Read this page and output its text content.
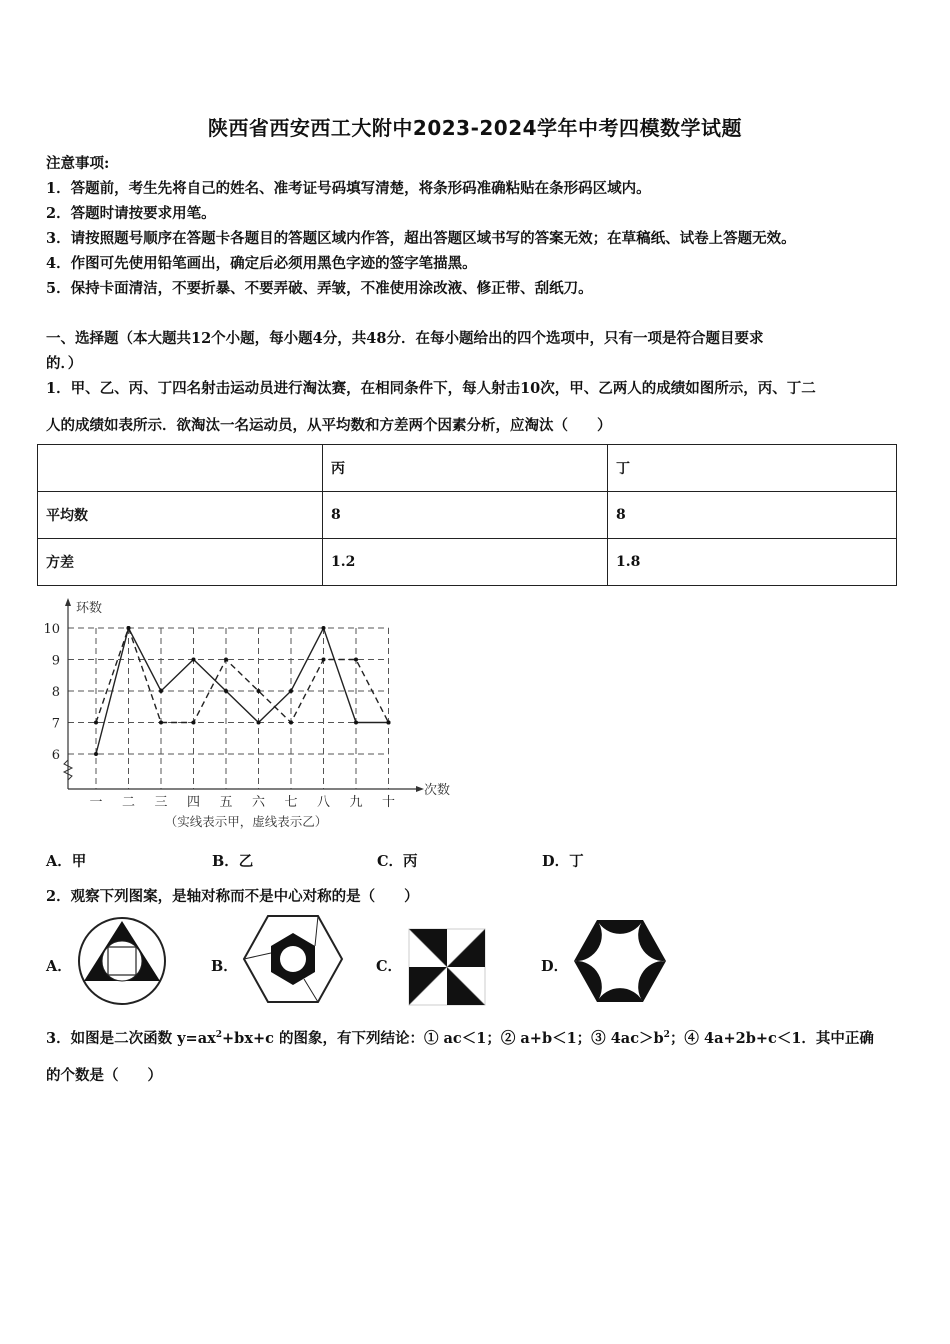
陕西省西安西工大附中2023-2024学年中考四模数学试题
注意事项:
1．答题前，考生先将自己的姓名、准考证号码填写清楚，将条形码准确粘贴在条形码区域内。
2．答题时请按要求用笔。
3．请按照题号顺序在答题卡各题目的答题区域内作答，超出答题区域书写的答案无效；在草稿纸、试卷上答题无效。
4．作图可先使用铅笔画出，确定后必须用黑色字迹的签字笔描黑。
5．保持卡面清洁，不要折暴、不要弄破、弄皱，不准使用涂改液、修正带、刮纸刀。
一、选择题（本大题共12个小题，每小题4分，共48分．在每小题给出的四个选项中，只有一项是符合题目要求
的．）
1．甲、乙、丙、丁四名射击运动员进行淘汰赛，在相同条件下，每人射击10次，甲、乙两人的成绩如图所示，丙、丁二
人的成绩如表所示．欲淘汰一名运动员，从平均数和方差两个因素分析，应淘汰（　　）
	丙	丁
平均数	8	8
方差	1.2	1.8
环数
次数
6
7
8
9
10
一 二 三 四 五 六 七 八 九 十
（实线表示甲，虚线表示乙）
A．甲	B．乙	C．丙	D．丁
2．观察下列图案，是轴对称而不是中心对称的是（　　）
A．	B．	C．	D．
3．如图是二次函数 $y=ax^2+bx+c$ 的图象，有下列结论：① ac＜1；② a+b＜1；③ $4ac>b^2$；④ 4a+2b+c＜1．其中正确
的个数是（　　）
